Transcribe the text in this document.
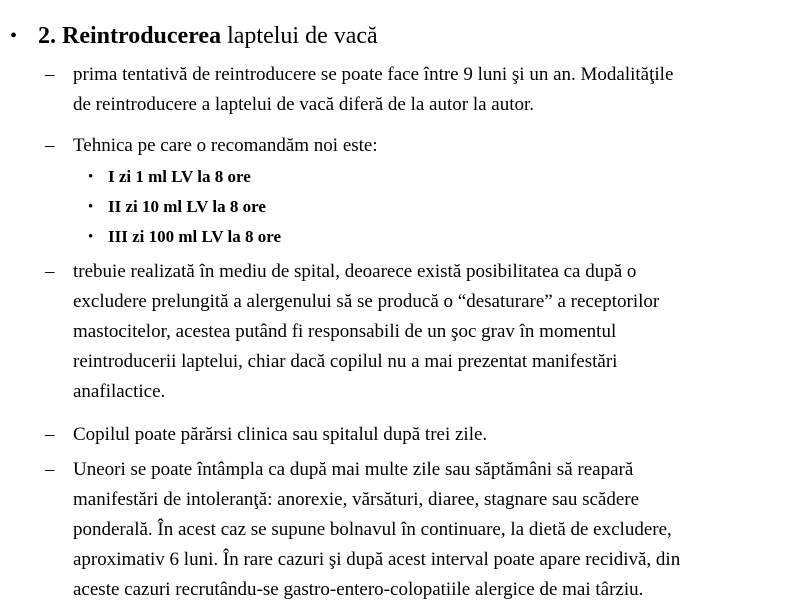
• 2. Reintroducerea laptelui de vacă
– prima tentativă de reintroducere se poate face între 9 luni şi un an. Modalităţile
de reintroducere a laptelui de vacă diferă de la autor la autor.
– Tehnica pe care o recomandăm noi este:
• I zi 1 ml LV la 8 ore
• II zi 10 ml LV la 8 ore
• III zi 100 ml LV la 8 ore
– trebuie realizată în mediu de spital, deoarece există posibilitatea ca după o
excludere prelungită a alergenului să se producă o “desaturare” a receptorilor
mastocitelor, acestea putând fi responsabili de un şoc grav în momentul
reintroducerii laptelui, chiar dacă copilul nu a mai prezentat manifestări
anafilactice.
– Copilul poate părărsi clinica sau spitalul după trei zile.
– Uneori se poate întâmpla ca după mai multe zile sau săptămâni să reapară
manifestări de intoleranţă: anorexie, vărsături, diaree, stagnare sau scădere
ponderală. În acest caz se supune bolnavul în continuare, la dietă de excludere,
aproximativ 6 luni. În rare cazuri şi după acest interval poate apare recidivă, din
aceste cazuri recrutându-se gastro-entero-colopatiile alergice de mai târziu.
